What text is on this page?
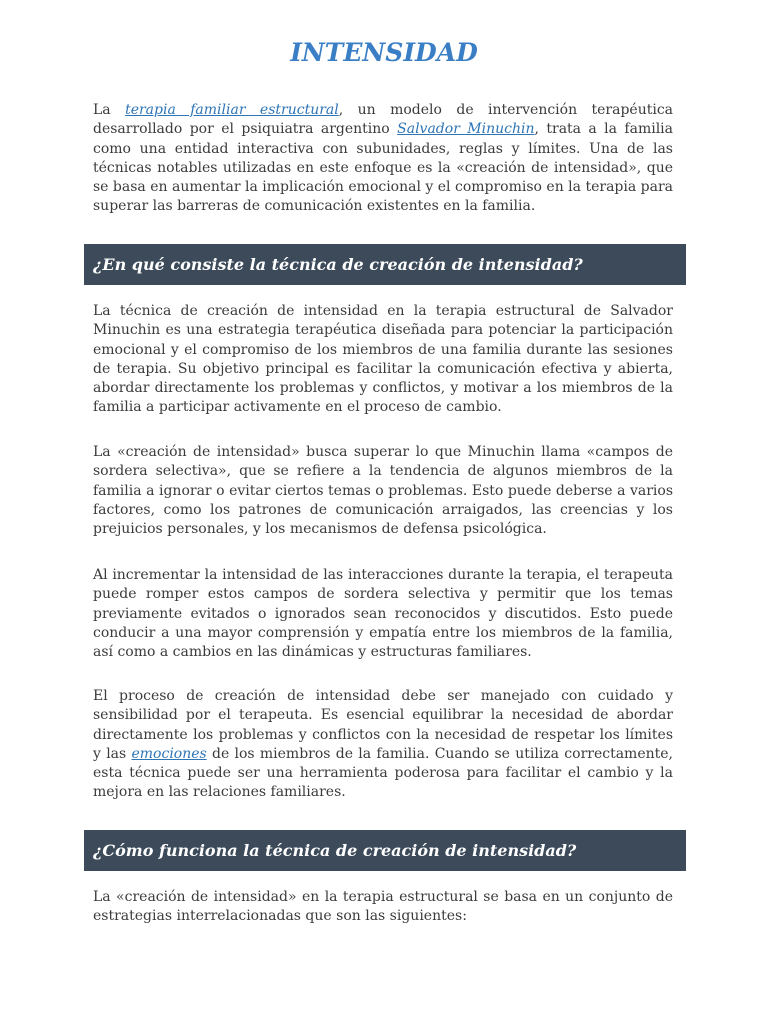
INTENSIDAD

La terapia familiar estructural, un modelo de intervención terapéutica desarrollado por el psiquiatra argentino Salvador Minuchin, trata a la familia como una entidad interactiva con subunidades, reglas y límites. Una de las técnicas notables utilizadas en este enfoque es la «creación de intensidad», que se basa en aumentar la implicación emocional y el compromiso en la terapia para superar las barreras de comunicación existentes en la familia.

¿En qué consiste la técnica de creación de intensidad?

La técnica de creación de intensidad en la terapia estructural de Salvador Minuchin es una estrategia terapéutica diseñada para potenciar la participación emocional y el compromiso de los miembros de una familia durante las sesiones de terapia. Su objetivo principal es facilitar la comunicación efectiva y abierta, abordar directamente los problemas y conflictos, y motivar a los miembros de la familia a participar activamente en el proceso de cambio.

La «creación de intensidad» busca superar lo que Minuchin llama «campos de sordera selectiva», que se refiere a la tendencia de algunos miembros de la familia a ignorar o evitar ciertos temas o problemas. Esto puede deberse a varios factores, como los patrones de comunicación arraigados, las creencias y los prejuicios personales, y los mecanismos de defensa psicológica.

Al incrementar la intensidad de las interacciones durante la terapia, el terapeuta puede romper estos campos de sordera selectiva y permitir que los temas previamente evitados o ignorados sean reconocidos y discutidos. Esto puede conducir a una mayor comprensión y empatía entre los miembros de la familia, así como a cambios en las dinámicas y estructuras familiares.

El proceso de creación de intensidad debe ser manejado con cuidado y sensibilidad por el terapeuta. Es esencial equilibrar la necesidad de abordar directamente los problemas y conflictos con la necesidad de respetar los límites y las emociones de los miembros de la familia. Cuando se utiliza correctamente, esta técnica puede ser una herramienta poderosa para facilitar el cambio y la mejora en las relaciones familiares.

¿Cómo funciona la técnica de creación de intensidad?

La «creación de intensidad» en la terapia estructural se basa en un conjunto de estrategias interrelacionadas que son las siguientes:
